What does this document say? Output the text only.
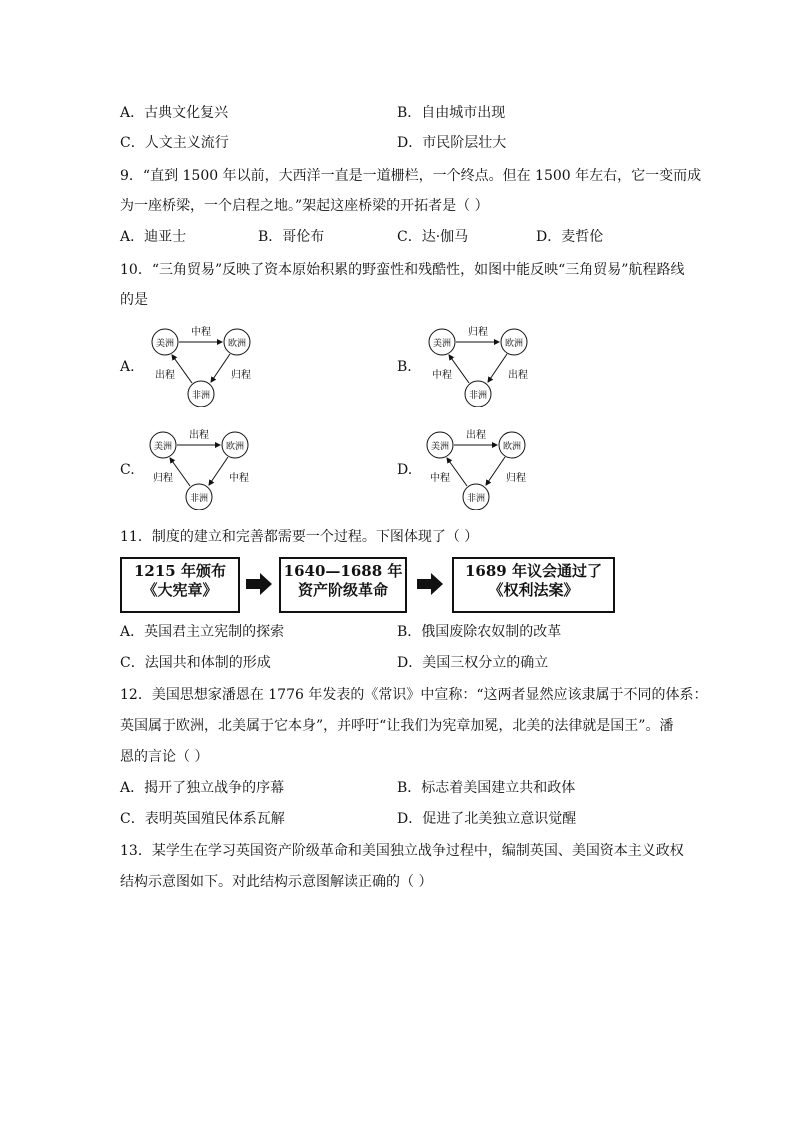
A．古典文化复兴	B．自由城市出现
C．人文主义流行	D．市民阶层壮大
9．“直到 1500 年以前，大西洋一直是一道栅栏，一个终点。但在 1500 年左右，它一变而成
为一座桥梁，一个启程之地。”架起这座桥梁的开拓者是（ ）
A．迪亚士	B．哥伦布	C．达·伽马	D．麦哲伦
10．“三角贸易”反映了资本原始积累的野蛮性和残酷性，如图中能反映“三角贸易”航程路线
的是
A.
美洲	欧洲
非洲
中程
出程	归程
B.
美洲	欧洲
非洲
归程
中程	出程
C.
美洲	欧洲
非洲
出程
归程	中程
D.
美洲	欧洲
非洲
出程
中程	归程
11．制度的建立和完善都需要一个过程。下图体现了（ ）
1215 年颁布
《大宪章》
1640—1688 年
资产阶级革命
1689 年议会通过了
《权利法案》
A．英国君主立宪制的探索	B．俄国废除农奴制的改革
C．法国共和体制的形成	D．美国三权分立的确立
12．美国思想家潘恩在 1776 年发表的《常识》中宣称：“这两者显然应该隶属于不同的体系：
英国属于欧洲，北美属于它本身”，并呼吁“让我们为宪章加冕，北美的法律就是国王”。潘
恩的言论（ ）
A．揭开了独立战争的序幕	B．标志着美国建立共和政体
C．表明英国殖民体系瓦解	D．促进了北美独立意识觉醒
13．某学生在学习英国资产阶级革命和美国独立战争过程中，编制英国、美国资本主义政权
结构示意图如下。对此结构示意图解读正确的（ ）
